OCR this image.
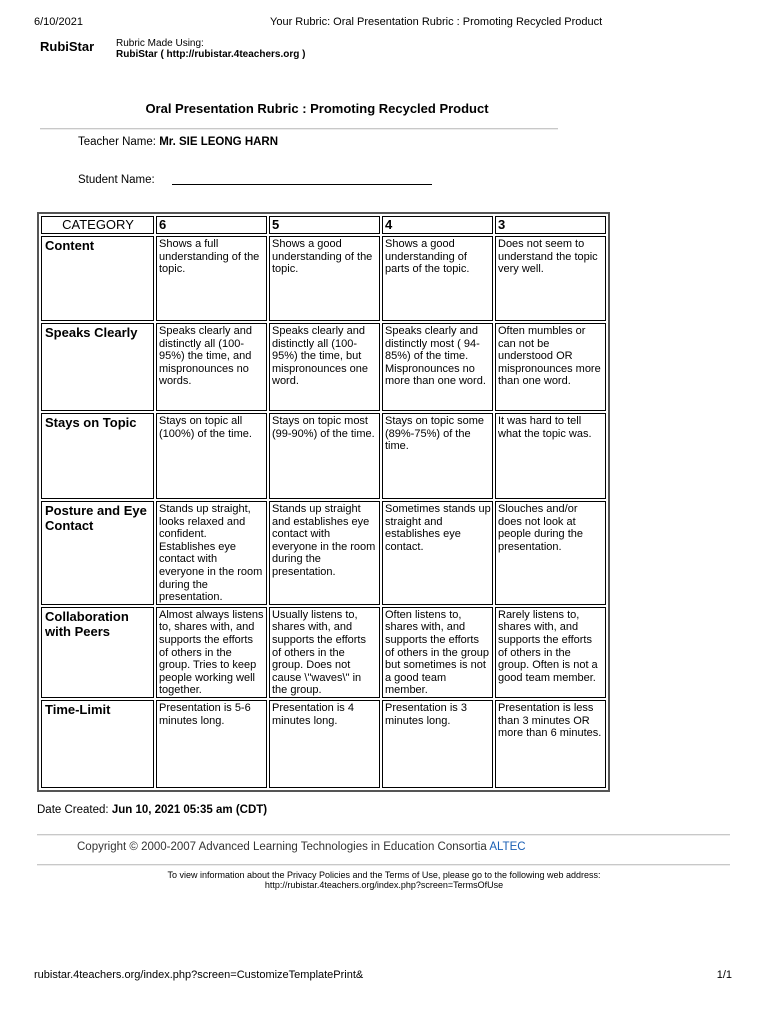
6/10/2021	Your Rubric: Oral Presentation Rubric : Promoting Recycled Product
RubiStar Rubric Made Using:
RubiStar ( http://rubistar.4teachers.org )
Oral Presentation Rubric : Promoting Recycled Product
Teacher Name: Mr. SIE LEONG HARN
Student Name:
CATEGORY	6	5	4	3
Content	Shows a full understanding of the topic.	Shows a good understanding of the topic.	Shows a good understanding of parts of the topic.	Does not seem to understand the topic very well.
Speaks Clearly	Speaks clearly and distinctly all (100-95%) the time, and mispronounces no words.	Speaks clearly and distinctly all (100-95%) the time, but mispronounces one word.	Speaks clearly and distinctly most ( 94-85%) of the time. Mispronounces no more than one word.	Often mumbles or can not be understood OR mispronounces more than one word.
Stays on Topic	Stays on topic all (100%) of the time.	Stays on topic most (99-90%) of the time.	Stays on topic some (89%-75%) of the time.	It was hard to tell what the topic was.
Posture and Eye Contact	Stands up straight, looks relaxed and confident. Establishes eye contact with everyone in the room during the presentation.	Stands up straight and establishes eye contact with everyone in the room during the presentation.	Sometimes stands up straight and establishes eye contact.	Slouches and/or does not look at people during the presentation.
Collaboration with Peers	Almost always listens to, shares with, and supports the efforts of others in the group. Tries to keep people working well together.	Usually listens to, shares with, and supports the efforts of others in the group. Does not cause \"waves\" in the group.	Often listens to, shares with, and supports the efforts of others in the group but sometimes is not a good team member.	Rarely listens to, shares with, and supports the efforts of others in the group. Often is not a good team member.
Time-Limit	Presentation is 5-6 minutes long.	Presentation is 4 minutes long.	Presentation is 3 minutes long.	Presentation is less than 3 minutes OR more than 6 minutes.
Date Created: Jun 10, 2021 05:35 am (CDT)
Copyright © 2000-2007 Advanced Learning Technologies in Education Consortia ALTEC
To view information about the Privacy Policies and the Terms of Use, please go to the following web address:
http://rubistar.4teachers.org/index.php?screen=TermsOfUse
rubistar.4teachers.org/index.php?screen=CustomizeTemplatePrint&	1/1
